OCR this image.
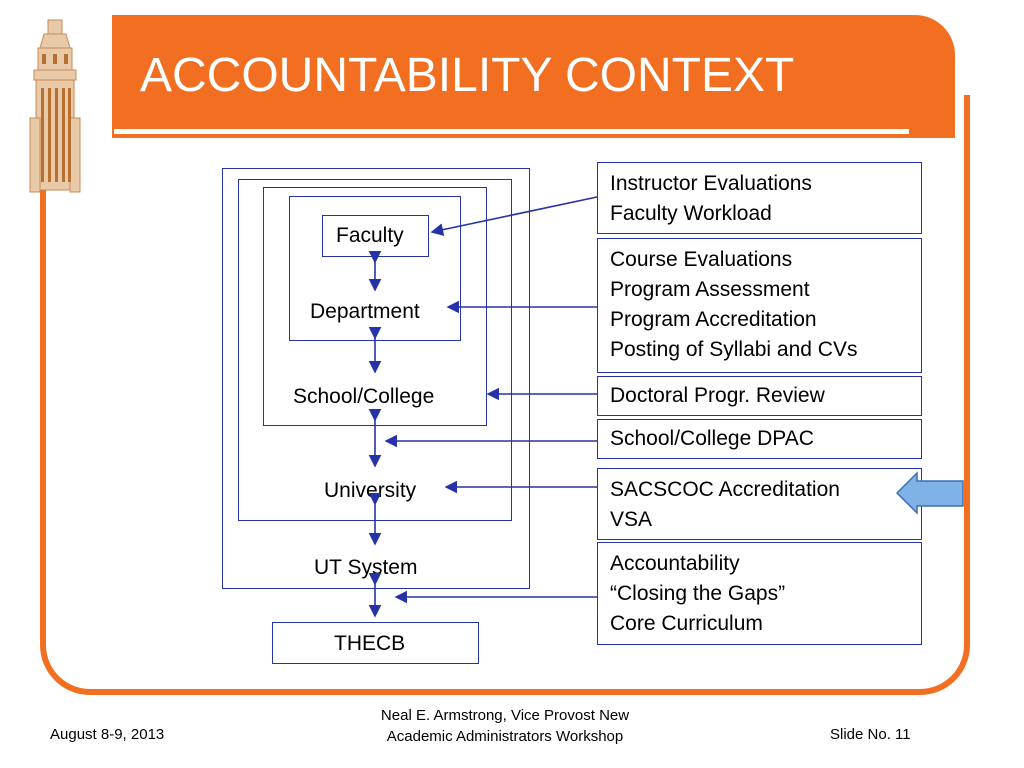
ACCOUNTABILITY CONTEXT
Faculty
Department
School/College
University
UT System
THECB
Instructor Evaluations
Faculty Workload
Course Evaluations
Program Assessment
Program Accreditation
Posting of Syllabi and CVs
Doctoral Progr. Review
School/College DPAC
SACSCOC Accreditation
VSA
Accountability
“Closing the Gaps”
Core Curriculum
August 8-9, 2013
Neal E. Armstrong, Vice Provost New
Academic Administrators Workshop	Slide No. 11
